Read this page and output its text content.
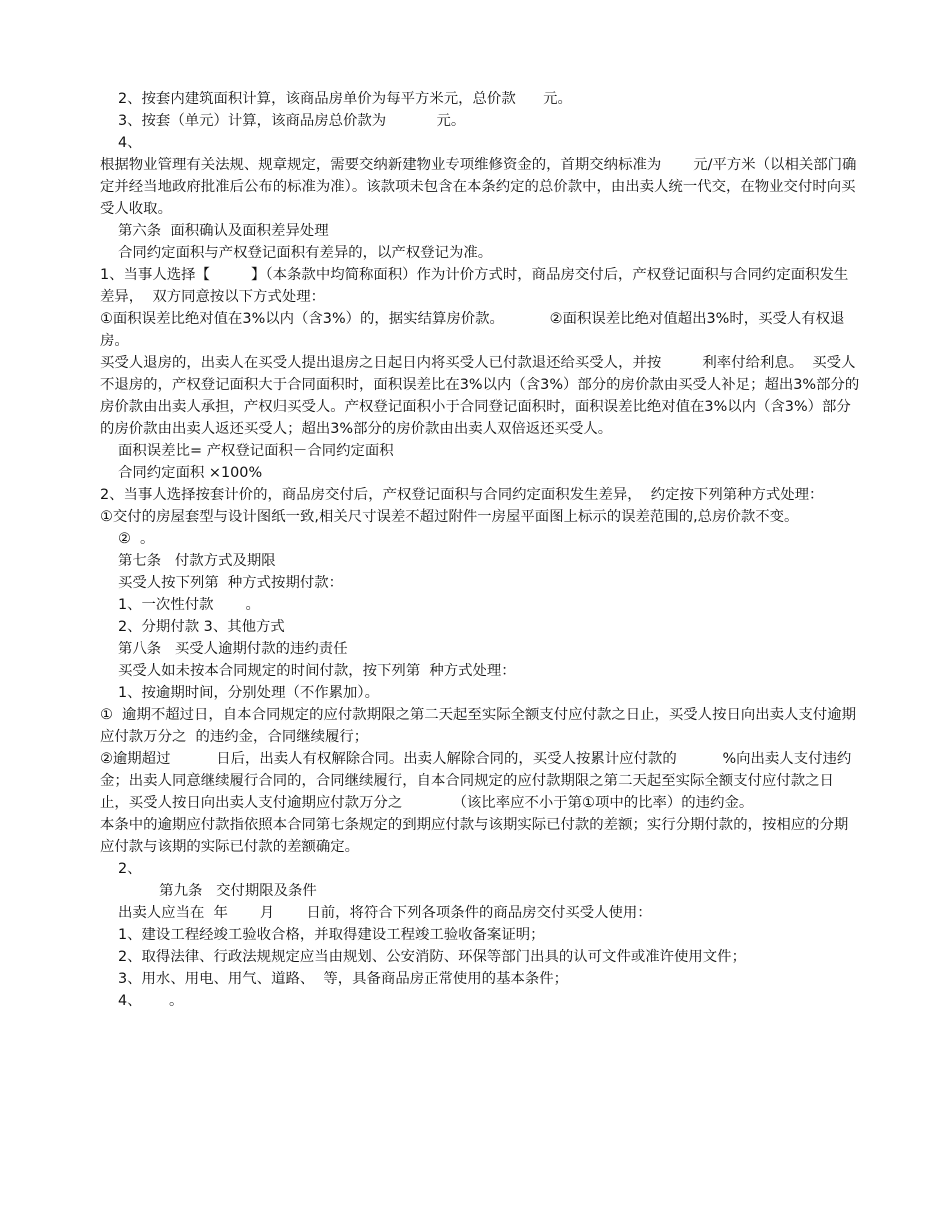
2、按套内建筑面积计算，该商品房单价为每平方米元，总价款      元。

3、按套（单元）计算，该商品房总价款为           元。

4、

根据物业管理有关法规、规章规定，需要交纳新建物业专项维修资金的，首期交纳标准为       元/平方米（以相关部门确定并经当地政府批准后公布的标准为准）。该款项未包含在本条约定的总价款中，由出卖人统一代交，在物业交付时向买受人收取。

第六条  面积确认及面积差异处理

合同约定面积与产权登记面积有差异的，以产权登记为准。

1、当事人选择【         】（本条款中均简称面积）作为计价方式时，商品房交付后，产权登记面积与合同约定面积发生差异，  双方同意按以下方式处理：

①面积误差比绝对值在3%以内（含3%）的，据实结算房价款。          ②面积误差比绝对值超出3%时，买受人有权退房。

买受人退房的，出卖人在买受人提出退房之日起日内将买受人已付款退还给买受人，并按         利率付给利息。  买受人不退房的，产权登记面积大于合同面积时，面积误差比在3%以内（含3%）部分的房价款由买受人补足；超出3%部分的房价款由出卖人承担，产权归买受人。产权登记面积小于合同登记面积时，面积误差比绝对值在3%以内（含3%）部分的房价款由出卖人返还买受人；超出3%部分的房价款由出卖人双倍返还买受人。

面积误差比= 产权登记面积－合同约定面积

合同约定面积 ×100%

2、当事人选择按套计价的，商品房交付后，产权登记面积与合同约定面积发生差异，  约定按下列第种方式处理：

①交付的房屋套型与设计图纸一致,相关尺寸误差不超过附件一房屋平面图上标示的误差范围的,总房价款不变。

②  。

第七条   付款方式及期限

买受人按下列第  种方式按期付款：

1、一次性付款       。

2、分期付款 3、其他方式

第八条   买受人逾期付款的违约责任

买受人如未按本合同规定的时间付款，按下列第  种方式处理：

1、按逾期时间，分别处理（不作累加）。

①  逾期不超过日，自本合同规定的应付款期限之第二天起至实际全额支付应付款之日止，买受人按日向出卖人支付逾期应付款万分之  的违约金，合同继续履行；

②逾期超过          日后，出卖人有权解除合同。出卖人解除合同的，买受人按累计应付款的          %向出卖人支付违约金；出卖人同意继续履行合同的，合同继续履行，自本合同规定的应付款期限之第二天起至实际全额支付应付款之日止，买受人按日向出卖人支付逾期应付款万分之           （该比率应不小于第①项中的比率）的违约金。

本条中的逾期应付款指依照本合同第七条规定的到期应付款与该期实际已付款的差额；实行分期付款的，按相应的分期应付款与该期的实际已付款的差额确定。

2、

第九条   交付期限及条件

出卖人应当在  年       月       日前，将符合下列各项条件的商品房交付买受人使用：

1、建设工程经竣工验收合格，并取得建设工程竣工验收备案证明；

2、取得法律、行政法规规定应当由规划、公安消防、环保等部门出具的认可文件或准许使用文件；

3、用水、用电、用气、道路、  等，具备商品房正常使用的基本条件；

4、      。
